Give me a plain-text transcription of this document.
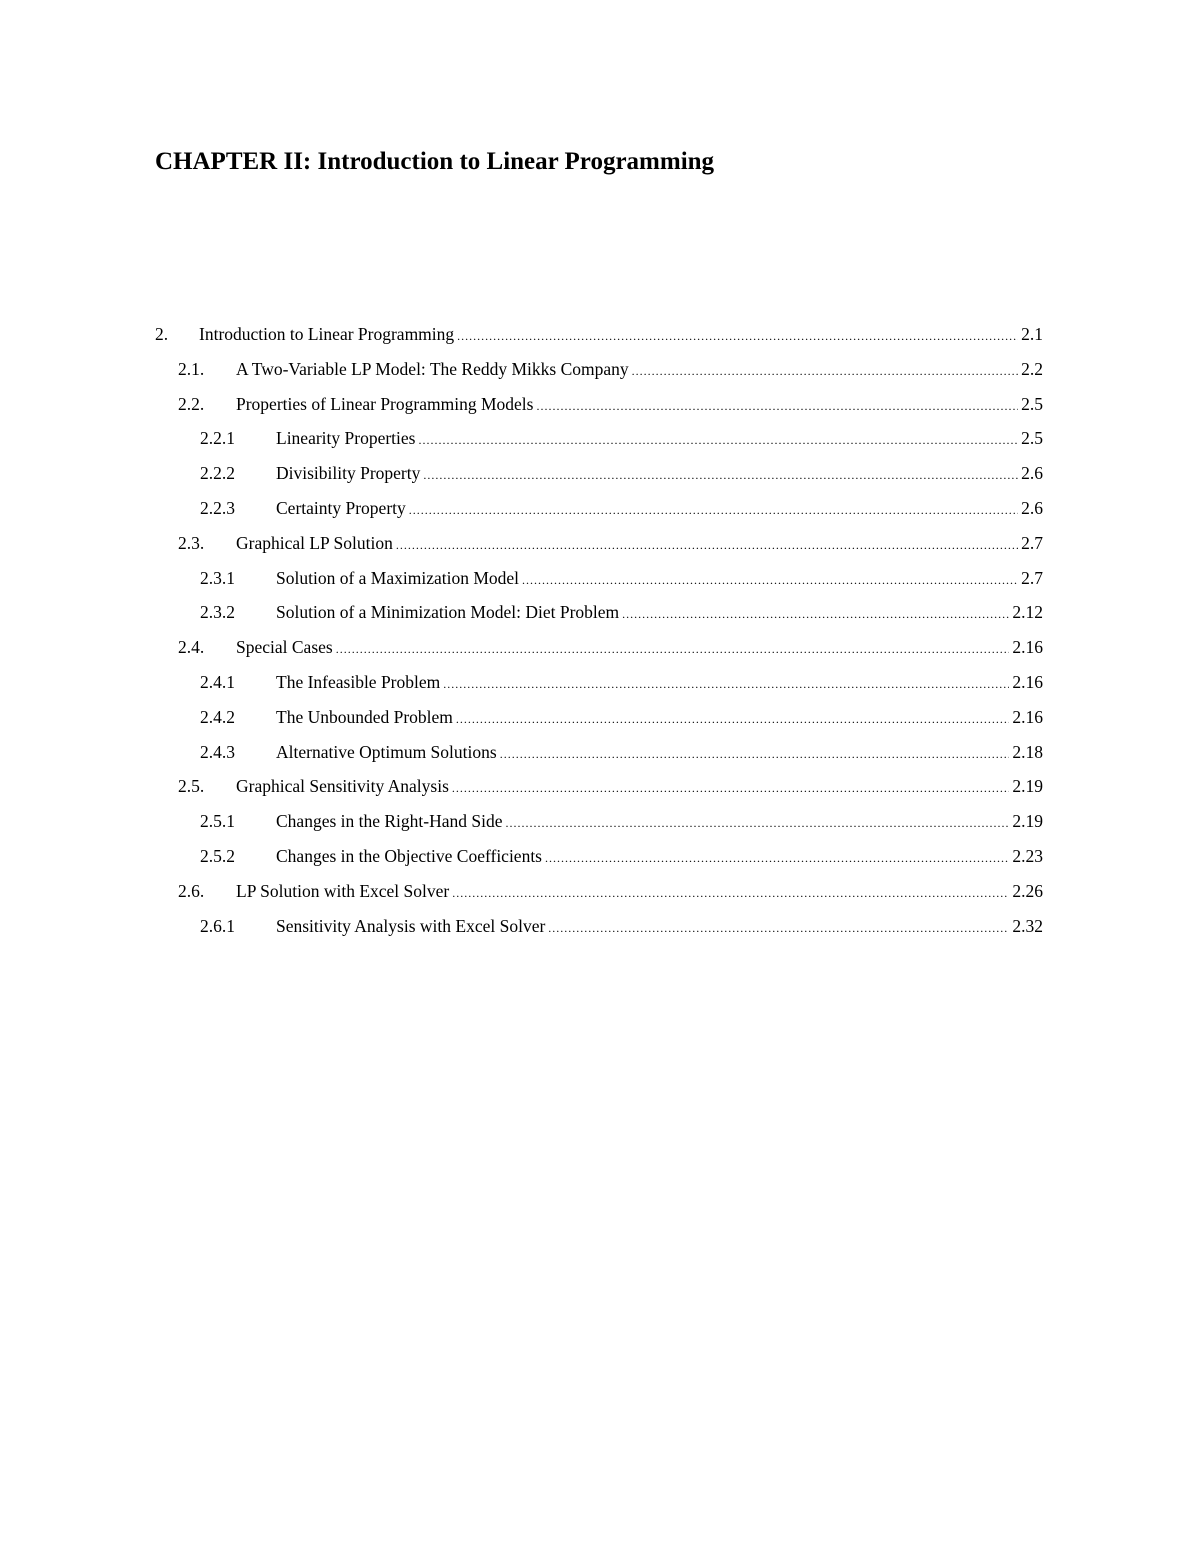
CHAPTER II: Introduction to Linear Programming
2.	Introduction to Linear Programming .....	2.1
2.1.	A Two-Variable LP Model: The Reddy Mikks Company .....	2.2
2.2.	Properties of Linear Programming Models .....	2.5
2.2.1	Linearity Properties .....	2.5
2.2.2	Divisibility Property .....	2.6
2.2.3	Certainty Property .....	2.6
2.3.	Graphical LP Solution .....	2.7
2.3.1	Solution of a Maximization Model .....	2.7
2.3.2	Solution of a Minimization Model: Diet Problem .....	2.12
2.4.	Special Cases .....	2.16
2.4.1	The Infeasible Problem .....	2.16
2.4.2	The Unbounded Problem .....	2.16
2.4.3	Alternative Optimum Solutions .....	2.18
2.5.	Graphical Sensitivity Analysis .....	2.19
2.5.1	Changes in the Right-Hand Side .....	2.19
2.5.2	Changes in the Objective Coefficients .....	2.23
2.6.	LP Solution with Excel Solver .....	2.26
2.6.1	Sensitivity Analysis with Excel Solver .....	2.32
